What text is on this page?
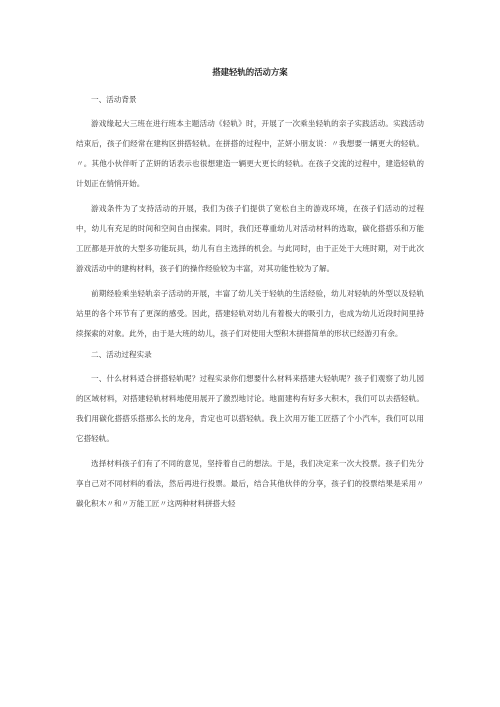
搭建轻轨的活动方案
一、活动背景

游戏缘起大三班在进行班本主题活动《轻轨》时，开展了一次乘坐轻轨的亲子实践活动。实践活动结束后，孩子们经常在建构区拼搭轻轨。在拼搭的过程中，芷妍小朋友说：〃我想要一辆更大的轻轨。〃。其他小伙伴听了芷妍的话表示也很想建造一辆更大更长的轻轨。在孩子交流的过程中，建造轻轨的计划正在悄悄开始。

游戏条件为了支持活动的开展，我们为孩子们提供了宽松自主的游戏环境，在孩子们活动的过程中，幼儿有充足的时间和空间自由探索。同时，我们还尊重幼儿对活动材料的选取，碳化搭搭乐和万能工匠都是开放的大型多功能玩具，幼儿有自主选择的机会。与此同时，由于正处于大班时期，对于此次游戏活动中的建构材料，孩子们的操作经验较为丰富，对其功能性较为了解。

前期经验乘坐轻轨亲子活动的开展，丰富了幼儿关于轻轨的生活经验，幼儿对轻轨的外型以及轻轨站里的各个环节有了更深的感受。因此，搭建轻轨对幼儿有着极大的吸引力，也成为幼儿近段时间里持续探索的对象。此外，由于是大班的幼儿，孩子们对使用大型积木拼搭简单的形状已经游刃有余。

二、活动过程实录

一、什么材料适合拼搭轻轨呢？过程实录你们想要什么材料来搭建大轻轨呢？孩子们观察了幼儿园的区域材料，对搭建轻轨材料地使用展开了激烈地讨论。地面建构有好多大积木，我们可以去搭轻轨。我们用碳化搭搭乐搭那么长的龙舟，肯定也可以搭轻轨。我上次用万能工匠搭了个小汽车，我们可以用它搭轻轨。

选择材料孩子们有了不同的意见，坚持着自己的想法。于是，我们决定来一次大投票。孩子们先分享自己对不同材料的看法，然后再进行投票。最后，结合其他伙伴的分享，孩子们的投票结果是采用〃碳化积木〃和〃万能工匠〃这两种材料拼搭大轻
